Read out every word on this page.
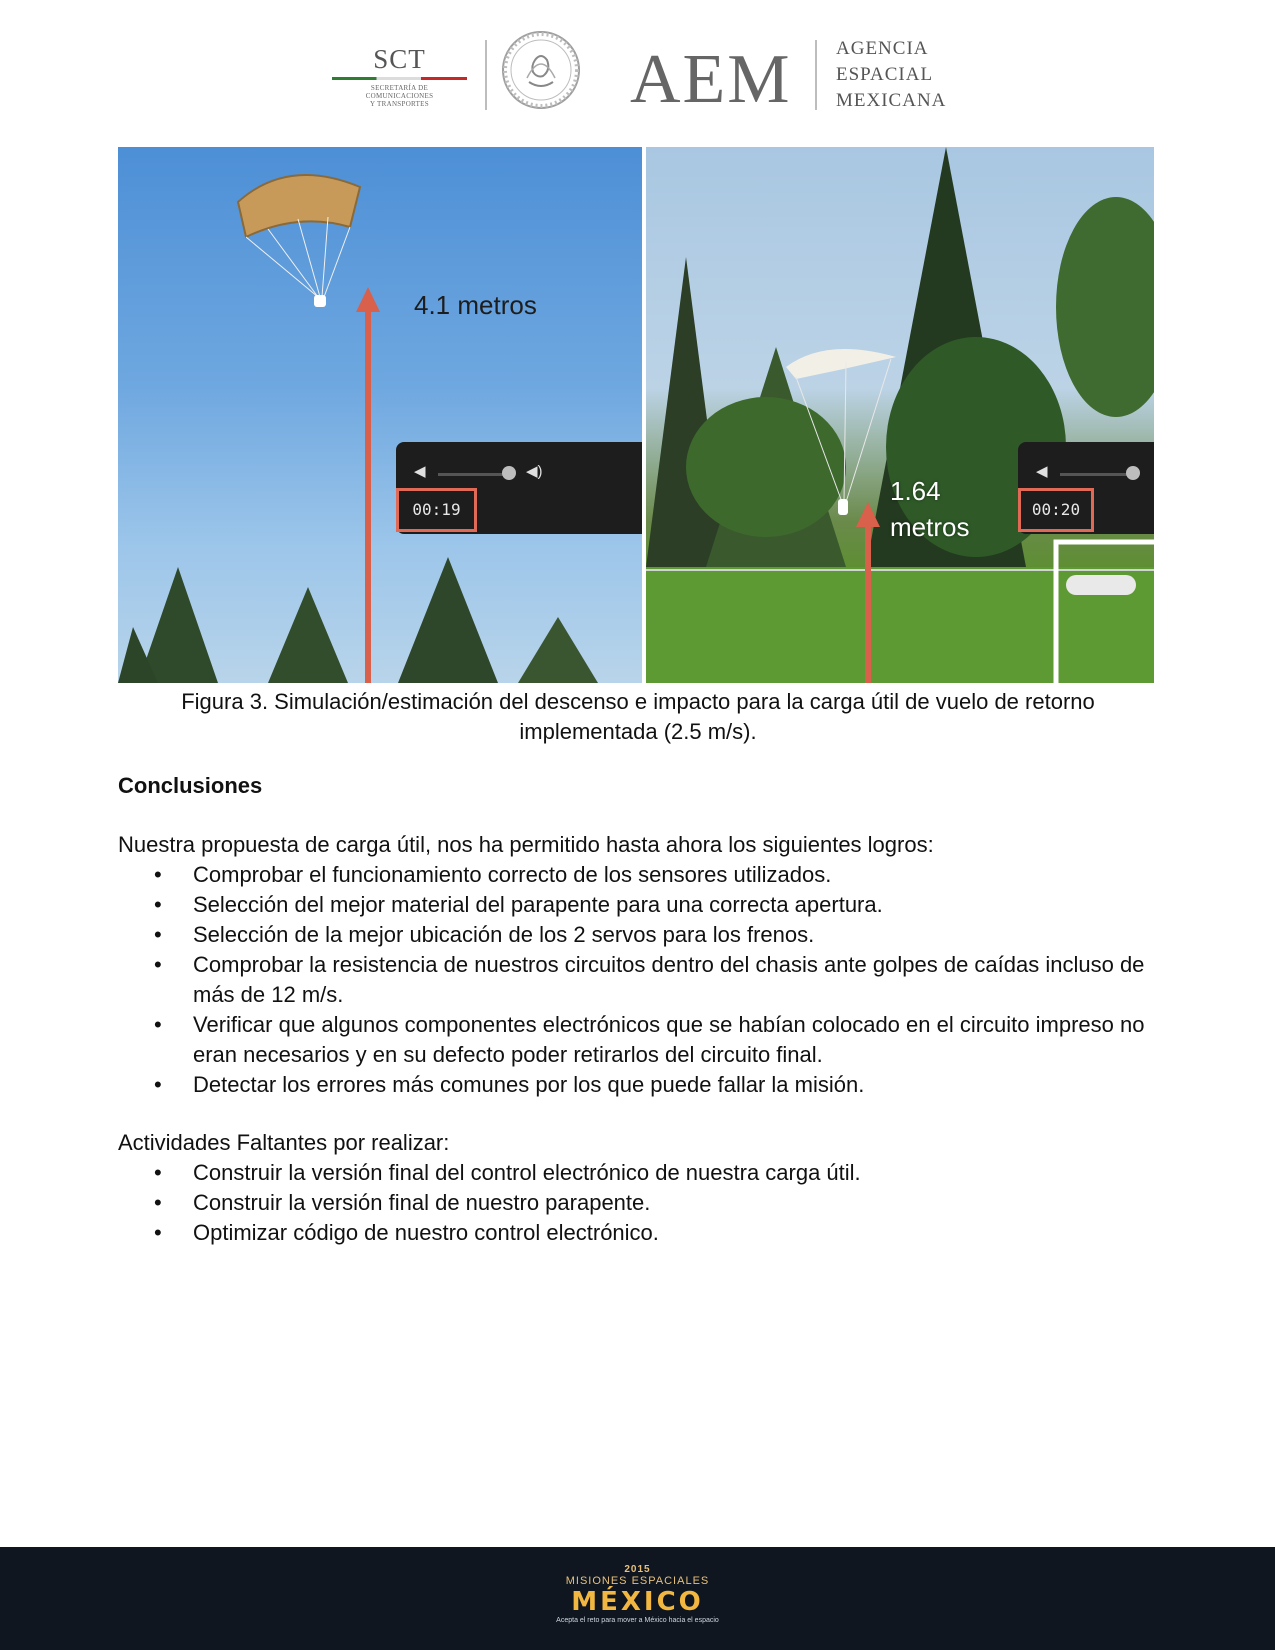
SCT
SECRETARÍA DE
COMUNICACIONES
Y TRANSPORTES	AEM AGENCIA
ESPACIAL
MEXICANA
4.1 metros
◀	◀)
00:19
1.64
metros
◀
00:20
Figura 3. Simulación/estimación del descenso e impacto para la carga útil de vuelo de retorno
implementada (2.5 m/s).
Conclusiones
Nuestra propuesta de carga útil, nos ha permitido hasta ahora los siguientes logros:
• Comprobar el funcionamiento correcto de los sensores utilizados.
• Selección del mejor material del parapente para una correcta apertura.
• Selección de la mejor ubicación de los 2 servos para los frenos.
• Comprobar la resistencia de nuestros circuitos dentro del chasis ante golpes de caídas incluso de más de 12 m/s.
• Verificar que algunos componentes electrónicos que se habían colocado en el circuito impreso no eran necesarios y en su defecto poder retirarlos del circuito final.
• Detectar los errores más comunes por los que puede fallar la misión.
Actividades Faltantes por realizar:
• Construir la versión final del control electrónico de nuestra carga útil.
• Construir la versión final de nuestro parapente.
• Optimizar código de nuestro control electrónico.
2015
MISIONES ESPACIALES
MÉXICO
Acepta el reto para mover a México hacia el espacio
